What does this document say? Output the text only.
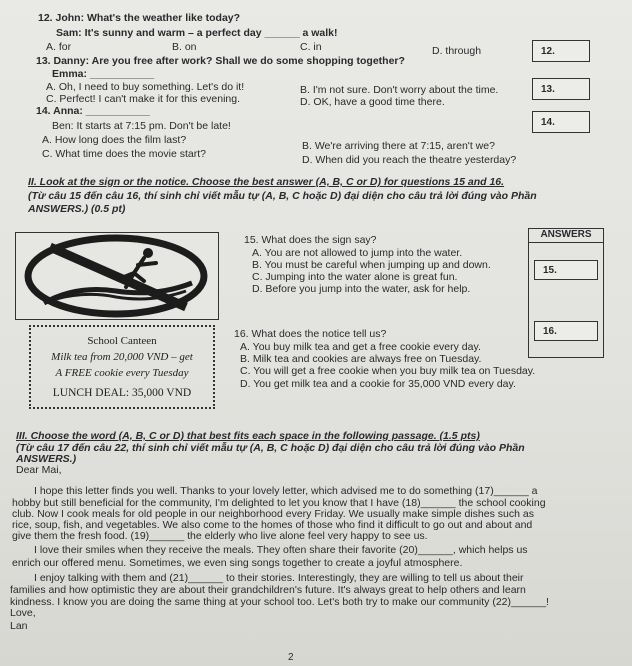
12. John: What's the weather like today?
Sam: It's sunny and warm – a perfect day ______ a walk!
A. for	B. on	C. in	D. through
13. Danny: Are you free after work? Shall we do some shopping together?
Emma: ___________
A. Oh, I need to buy something. Let's do it!	B. I'm not sure. Don't worry about the time.
C. Perfect! I can't make it for this evening.	D. OK, have a good time there.
14. Anna: ___________
Ben: It starts at 7:15 pm. Don't be late!
A. How long does the film last?	B. We're arriving there at 7:15, aren't we?
C. What time does the movie start?	D. When did you reach the theatre yesterday?
12.
13.
14.
II. Look at the sign or the notice. Choose the best answer (A, B, C or D) for questions 15 and 16.
(Từ câu 15 đến câu 16, thí sinh chỉ viết mẫu tự (A, B, C hoặc D) đại diện cho câu trả lời đúng vào Phần
ANSWERS.) (0.5 pt)
School Canteen
Milk tea from 20,000 VND – get
A FREE cookie every Tuesday
LUNCH DEAL: 35,000 VND
15. What does the sign say?
A. You are not allowed to jump into the water.
B. You must be careful when jumping up and down.
C. Jumping into the water alone is great fun.
D. Before you jump into the water, ask for help.
16. What does the notice tell us?
A. You buy milk tea and get a free cookie every day.
B. Milk tea and cookies are always free on Tuesday.
C. You will get a free cookie when you buy milk tea on Tuesday.
D. You get milk tea and a cookie for 35,000 VND every day.
ANSWERS
15.
16.
III. Choose the word (A, B, C or D) that best fits each space in the following passage. (1.5 pts)
(Từ câu 17 đến câu 22, thí sinh chỉ viết mẫu tự (A, B, C hoặc D) đại diện cho câu trả lời đúng vào Phần
ANSWERS.)
Dear Mai,
I hope this letter finds you well. Thanks to your lovely letter, which advised me to do something (17)______ a
hobby but still beneficial for the community, I'm delighted to let you know that I have (18)______ the school cooking
club. Now I cook meals for old people in our neighborhood every Friday. We usually make simple dishes such as
rice, soup, fish, and vegetables. We also come to the homes of those who find it difficult to go out and about and
give them the fresh food. (19)______ the elderly who live alone feel very happy to see us.
I love their smiles when they receive the meals. They often share their favorite (20)______, which helps us
enrich our offered menu. Sometimes, we even sing songs together to create a joyful atmosphere.
I enjoy talking with them and (21)______ to their stories. Interestingly, they are willing to tell us about their
families and how optimistic they are about their grandchildren's future. It's always great to help others and learn
kindness. I know you are doing the same thing at your school too. Let's both try to make our community (22)______!
Love,
Lan
2
